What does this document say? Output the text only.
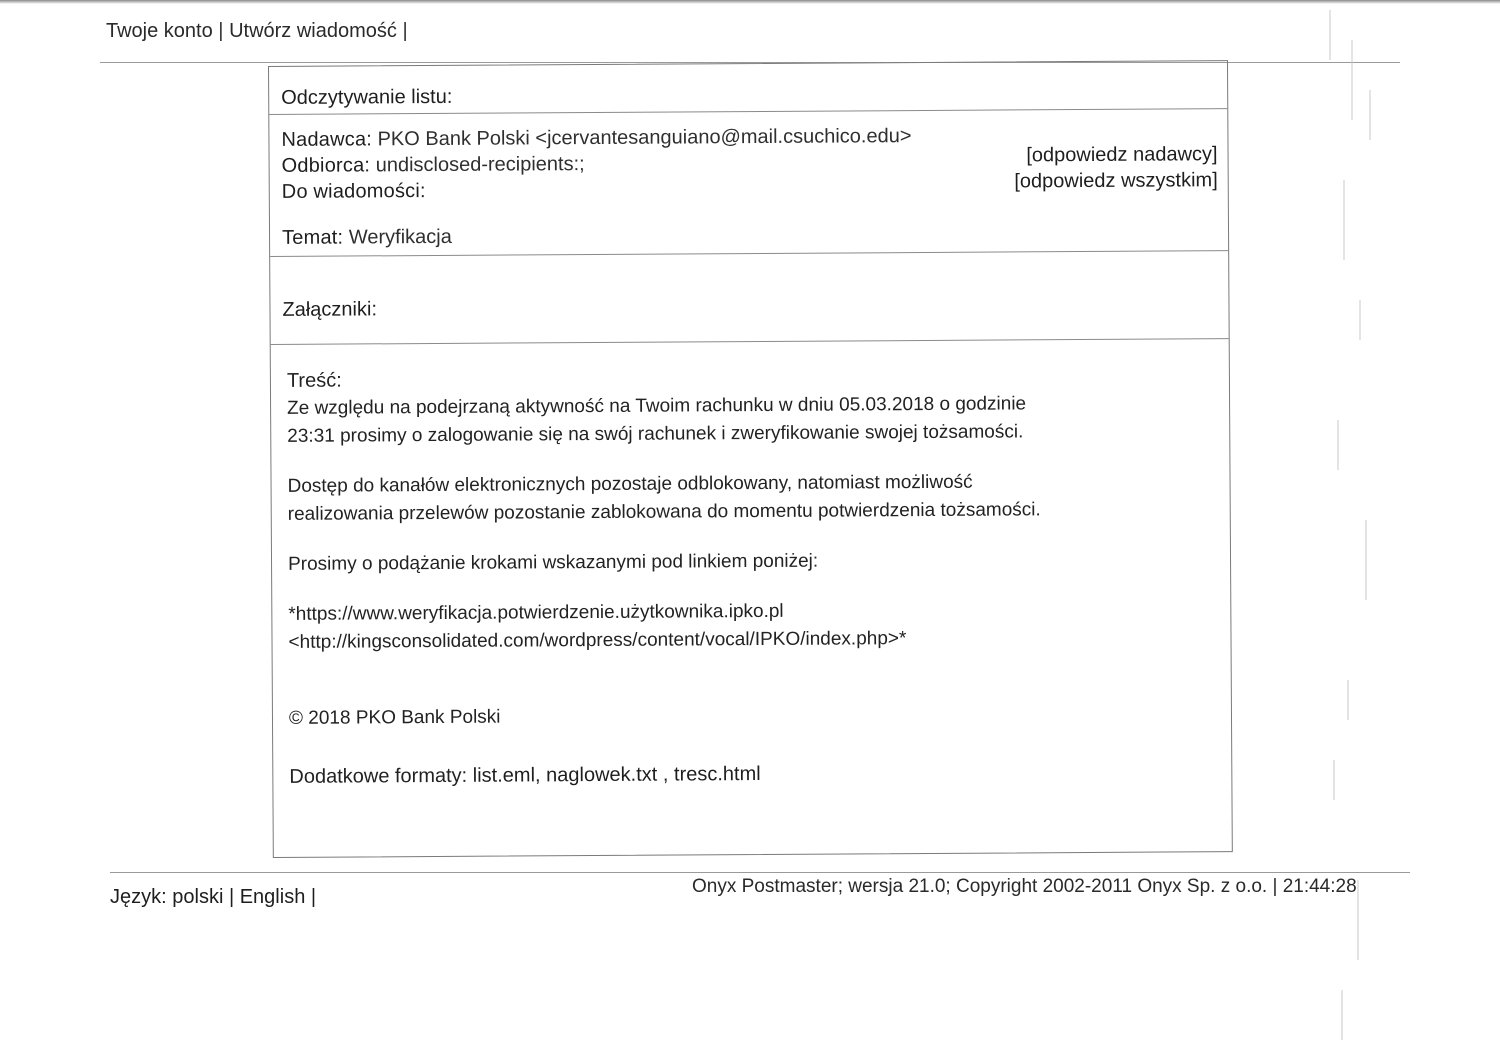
Twoje konto | Utwórz wiadomość |
Odczytywanie listu:
Nadawca: PKO Bank Polski <jcervantesanguiano@mail.csuchico.edu>
Odbiorca: undisclosed-recipients:;
Do wiadomości:
[odpowiedz nadawcy]
[odpowiedz wszystkim]
Temat: Weryfikacja
Załączniki:

Treść:

Ze względu na podejrzaną aktywność na Twoim rachunku w dniu 05.03.2018 o godzinie 23:31 prosimy o zalogowanie się na swój rachunek i zweryfikowanie swojej tożsamości.

Dostęp do kanałów elektronicznych pozostaje odblokowany, natomiast możliwość realizowania przelewów pozostanie zablokowana do momentu potwierdzenia tożsamości.

Prosimy o podążanie krokami wskazanymi pod linkiem poniżej:

*https://www.weryfikacja.potwierdzenie.użytkownika.ipko.pl

<http://kingsconsolidated.com/wordpress/content/vocal/IPKO/index.php>*

© 2018 PKO Bank Polski

Dodatkowe formaty: list.eml, naglowek.txt , tresc.html

Język: polski | English |	Onyx Postmaster; wersja 21.0; Copyright 2002-2011 Onyx Sp. z o.o. | 21:44:28
